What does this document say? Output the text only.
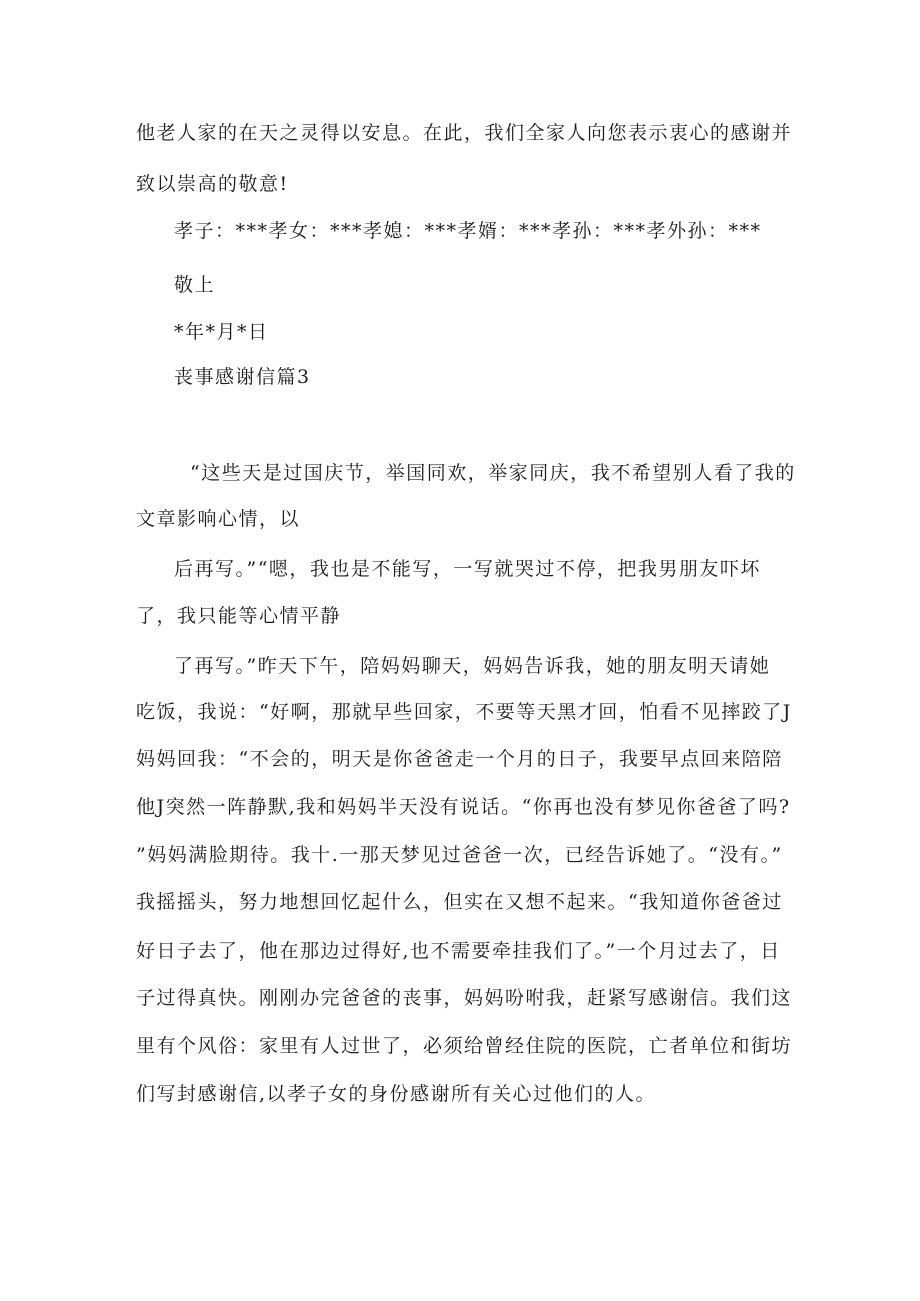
他老人家的在天之灵得以安息。在此，我们全家人向您表示衷心的感谢并
致以崇高的敬意!
孝子：***孝女：***孝媳：***孝婿：***孝孙：***孝外孙：***
敬上
*年*月*日
丧事感谢信篇3
“这些天是过国庆节，举国同欢，举家同庆，我不希望别人看了我的
文章影响心情，以
后再写。”“嗯，我也是不能写，一写就哭过不停，把我男朋友吓坏
了，我只能等心情平静
了再写。”昨天下午，陪妈妈聊天，妈妈告诉我，她的朋友明天请她
吃饭，我说：“好啊，那就早些回家，不要等天黑才回，怕看不见摔跤了J
妈妈回我：“不会的，明天是你爸爸走一个月的日子，我要早点回来陪陪
他J突然一阵静默,我和妈妈半天没有说话。“你再也没有梦见你爸爸了吗?
”妈妈满脸期待。我十.一那天梦见过爸爸一次，已经告诉她了。“没有。”
我摇摇头，努力地想回忆起什么，但实在又想不起来。“我知道你爸爸过
好日子去了，他在那边过得好,也不需要牵挂我们了。”一个月过去了，日
子过得真快。刚刚办完爸爸的丧事，妈妈吩咐我，赶紧写感谢信。我们这
里有个风俗：家里有人过世了，必须给曾经住院的医院，亡者单位和街坊
们写封感谢信,以孝子女的身份感谢所有关心过他们的人。
